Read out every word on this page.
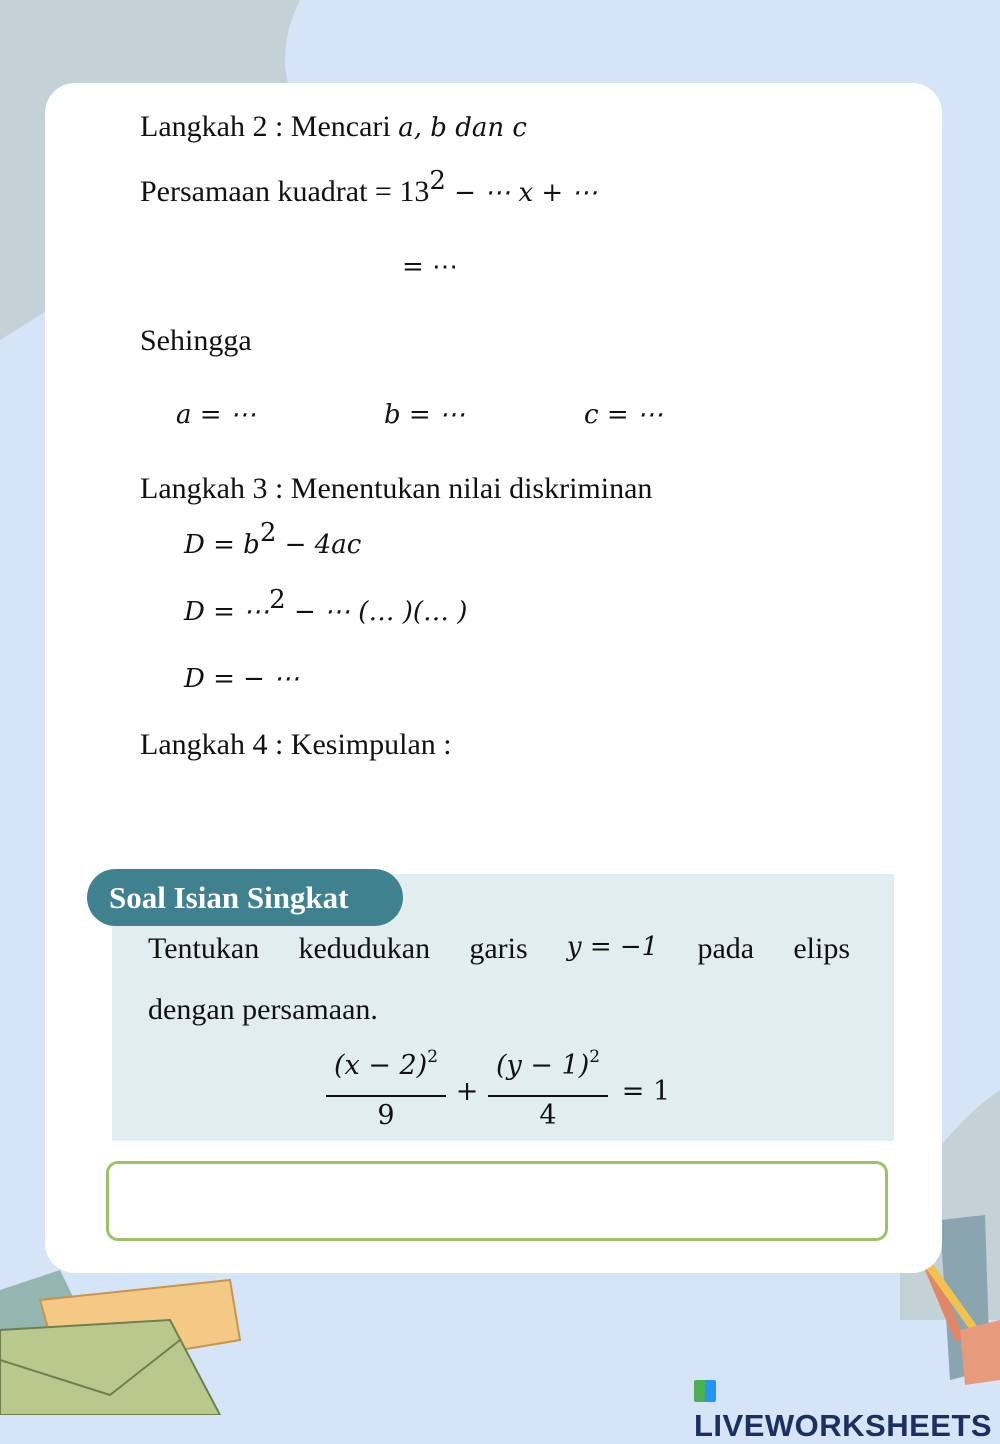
Langkah 2 : Mencari a, b dan c
Persamaan kuadrat = $13^2$ − ⋯ x + ⋯
= ⋯
Sehingga
a = ⋯	b = ⋯	c = ⋯
Langkah 3 : Menentukan nilai diskriminan
$D = b^2 - 4ac$
D = ⋯$^2$ − ⋯ (… )(… )
D = − ⋯
Langkah 4 : Kesimpulan :
Soal Isian Singkat
Tentukan kedudukan garis y = −1 pada elips
dengan persamaan.
$(x - 2)^2$
9
+
$(y - 1)^2$
4
= 1
LIVEWORKSHEETS
